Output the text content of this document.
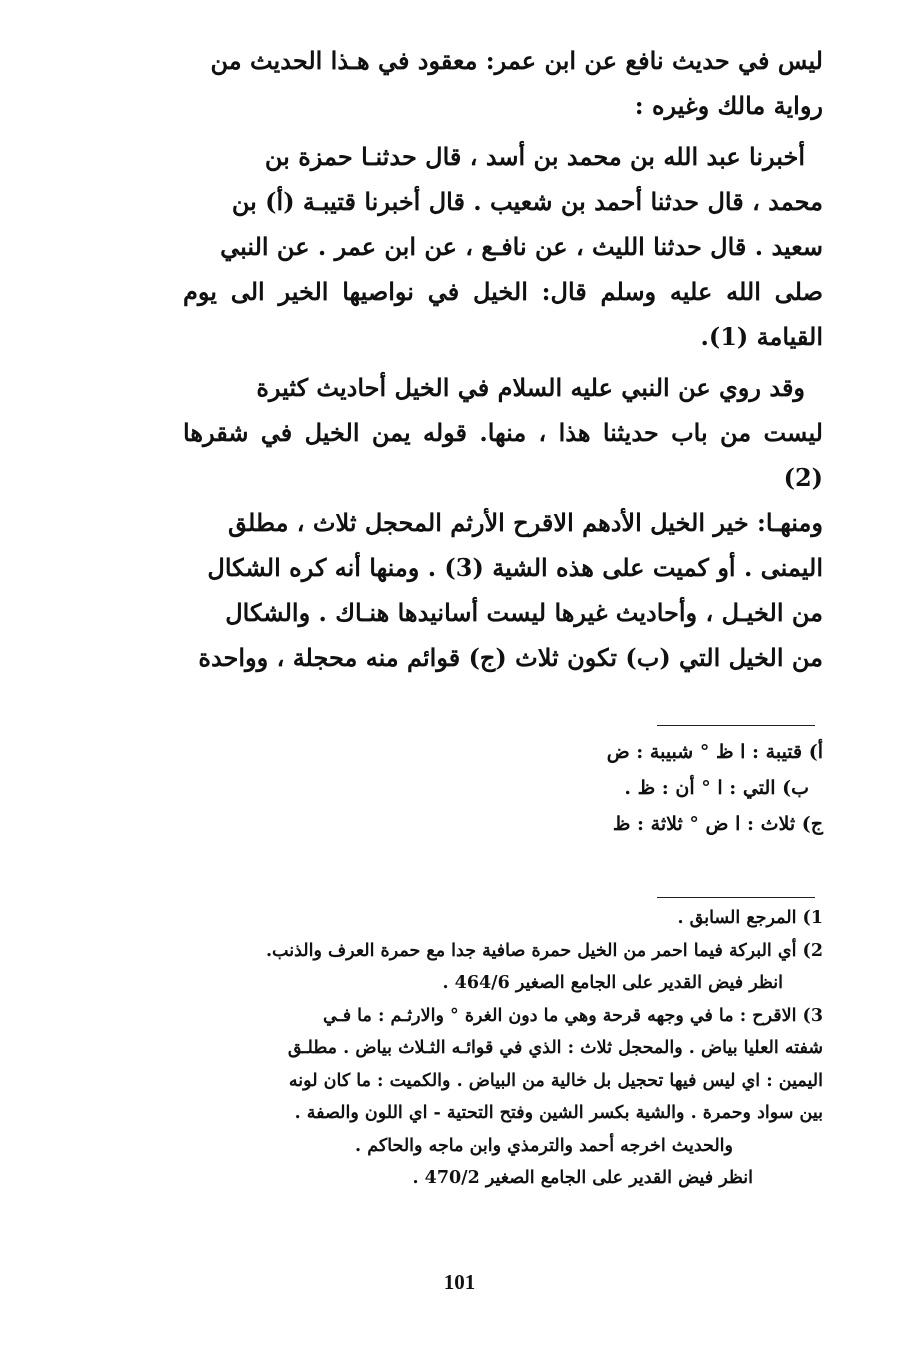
ليس في حديث نافع عن ابن عمر: معقود في هـذا الحديث من

رواية مالك وغيره :

أخبرنا عبد الله بن محمد بن أسد ، قال حدثنـا حمزة بن

محمد ، قال حدثنا أحمد بن شعيب . قال أخبرنا قتيبـة (أ) بن

سعيد . قال حدثنا الليث ، عن نافـع ، عن ابن عمر . عن النبي

صلى الله عليه وسلم قال: الخيل في نواصيها الخير الى يوم القيامة (1).

وقد روي عن النبي عليه السلام في الخيل أحاديث كثيرة

ليست من باب حديثنا هذا ، منها. قوله يمن الخيل في شقرها (2)

ومنهـا: خير الخيل الأدهم الاقرح الأرثم المحجل ثلاث ، مطلق

اليمنى . أو كميت على هذه الشية (3) . ومنها أنه كره الشكال

من الخيـل ، وأحاديث غيرها ليست أسانيدها هنـاك . والشكال

من الخيل التي (ب) تكون ثلاث (ج) قوائم منه محجلة ، وواحدة

أ) قتيبة : ا ظ ° شبيبة : ض
ب) التي : ا ° أن : ظ .
ج) ثلاث : ا ض ° ثلاثة : ظ
1) المرجع السابق .
2) أي البركة فيما احمر من الخيل حمرة صافية جدا مع حمرة العرف والذنب.
انظر فيض القدير على الجامع الصغير 464/6 .
3) الاقرح : ما في وجهه قرحة وهي ما دون الغرة ° والارثـم : ما فـي
شفته العليا بياض . والمحجل ثلاث : الذي في قوائـه الثـلاث بياض . مطلـق
اليمين : اي ليس فيها تحجيل بل خالية من البياض . والكميت : ما كان لونه
بين سواد وحمرة . والشية بكسر الشين وفتح التحتية - اي اللون والصفة .
والحديث اخرجه أحمد والترمذي وابن ماجه والحاكم .
انظر فيض القدير على الجامع الصغير 470/2 .
101
